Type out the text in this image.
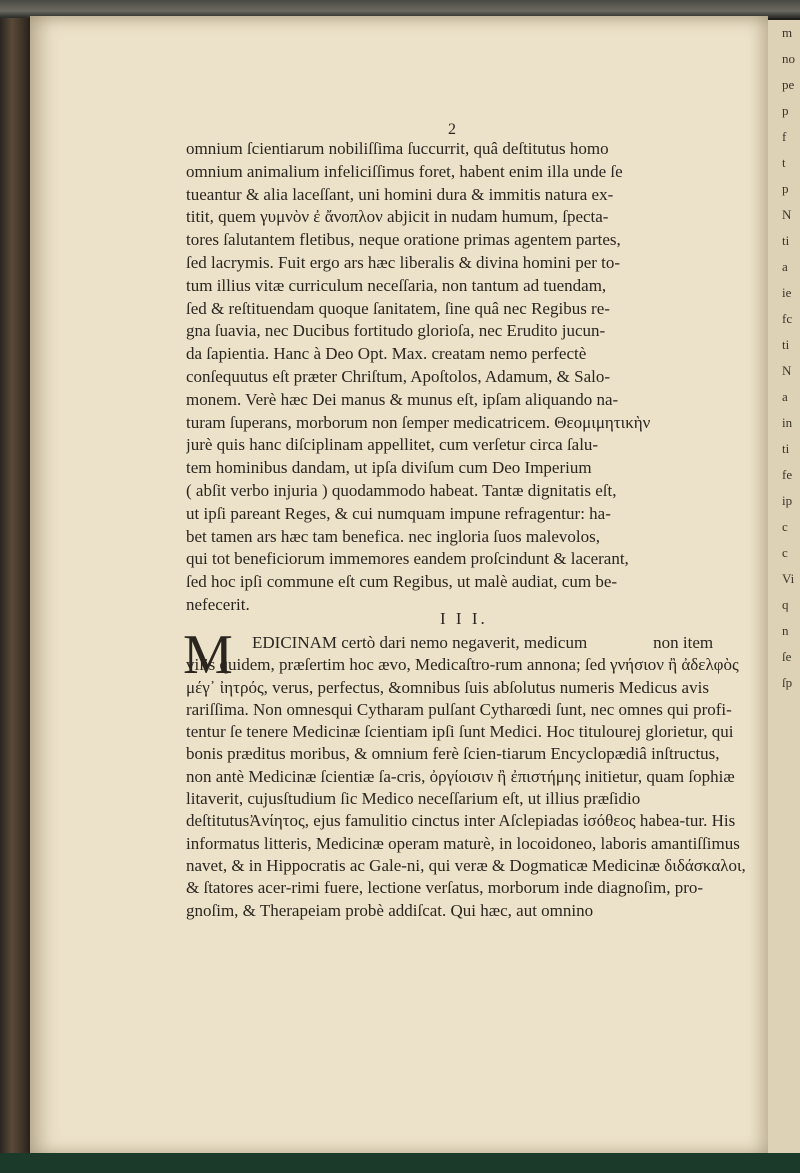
2
omnium ſcientiarum nobiliſſima ſuccurrit, quâ deſtitutus homo
omnium animalium infeliciſſimus foret, habent enim illa unde ſe
tueantur & alia laceſſant, uni homini dura & immitis natura ex-
titit, quem γυμνὸν ἐ ἄνοπλον abjicit in nudam humum, ſpecta-
tores ſalutantem fletibus, neque oratione primas agentem partes,
ſed lacrymis. Fuit ergo ars hæc liberalis & divina homini per to-
tum illius vitæ curriculum neceſſaria, non tantum ad tuendam,
ſed & reſtituendam quoque ſanitatem, ſine quâ nec Regibus re-
gna ſuavia, nec Ducibus fortitudo glorioſa, nec Erudito jucun-
da ſapientia. Hanc à Deo Opt. Max. creatam nemo perfectè
conſequutus eſt præter Chriſtum, Apoſtolos, Adamum, & Salo-
monem. Verè hæc Dei manus & munus eſt, ipſam aliquando na-
turam ſuperans, morborum non ſemper medicatricem. Θεομιμητικὴν
jurè quis hanc diſciplinam appellitet, cum verſetur circa ſalu-
tem hominibus dandam, ut ipſa diviſum cum Deo Imperium
( abſit verbo injuria ) quodammodo habeat. Tantæ dignitatis eſt,
ut ipſi pareant Reges, & cui numquam impune refragentur: ha-
bet tamen ars hæc tam benefica. nec ingloria ſuos malevolos,
qui tot beneficiorum immemores eandem proſcindunt & lacerant,
ſed hoc ipſi commune eſt cum Regibus, ut malè audiat, cum be-
nefecerit.
I I I.
M	EDICINAM certò dari nemo negaverit, medicum	non item vilis quidem, præſertim hoc ævo, Medicaſtro-rum annona; ſed γνήσιον ἢ ἀδελφὸς μέγ᾽ ἰητρός, verus, perfectus, &omnibus ſuis abſolutus numeris Medicus avis rariſſima. Non omnesqui Cytharam pulſant Cytharœdi ſunt, nec omnes qui profi-tentur ſe tenere Medicinæ ſcientiam ipſi ſunt Medici. Hoc titulourej glorietur, qui bonis præditus moribus, & omnium ferè ſcien-tiarum Encyclopædiâ inſtructus, non antè Medicinæ ſcientiæ ſa-cris, ὀργίοισιν ἢ ἐπιστήμης initietur, quam ſophiæ litaverit, cujusſtudium ſic Medico neceſſarium eſt, ut illius præſidio deſtitutusἈνίητος, ejus famulitio cinctus inter Aſclepiadas ἰσόθεος habea-tur. His informatus litteris, Medicinæ operam maturè, in locoidoneo, laboris amantiſſimus navet, & in Hippocratis ac Gale-ni, qui veræ & Dogmaticæ Medicinæ διδάσκαλοι, & ſtatores acer-rimi fuere, lectione verſatus, morborum inde diagnoſim, pro-gnoſim, & Therapeiam probè addiſcat. Qui hæc, aut omnino
m
no
pe
p
f
t
p
N
ti
a
ie
fc
ti
N
a
in
ti
fe
ip
c
c
Vi
q
n
ſe
ſp
